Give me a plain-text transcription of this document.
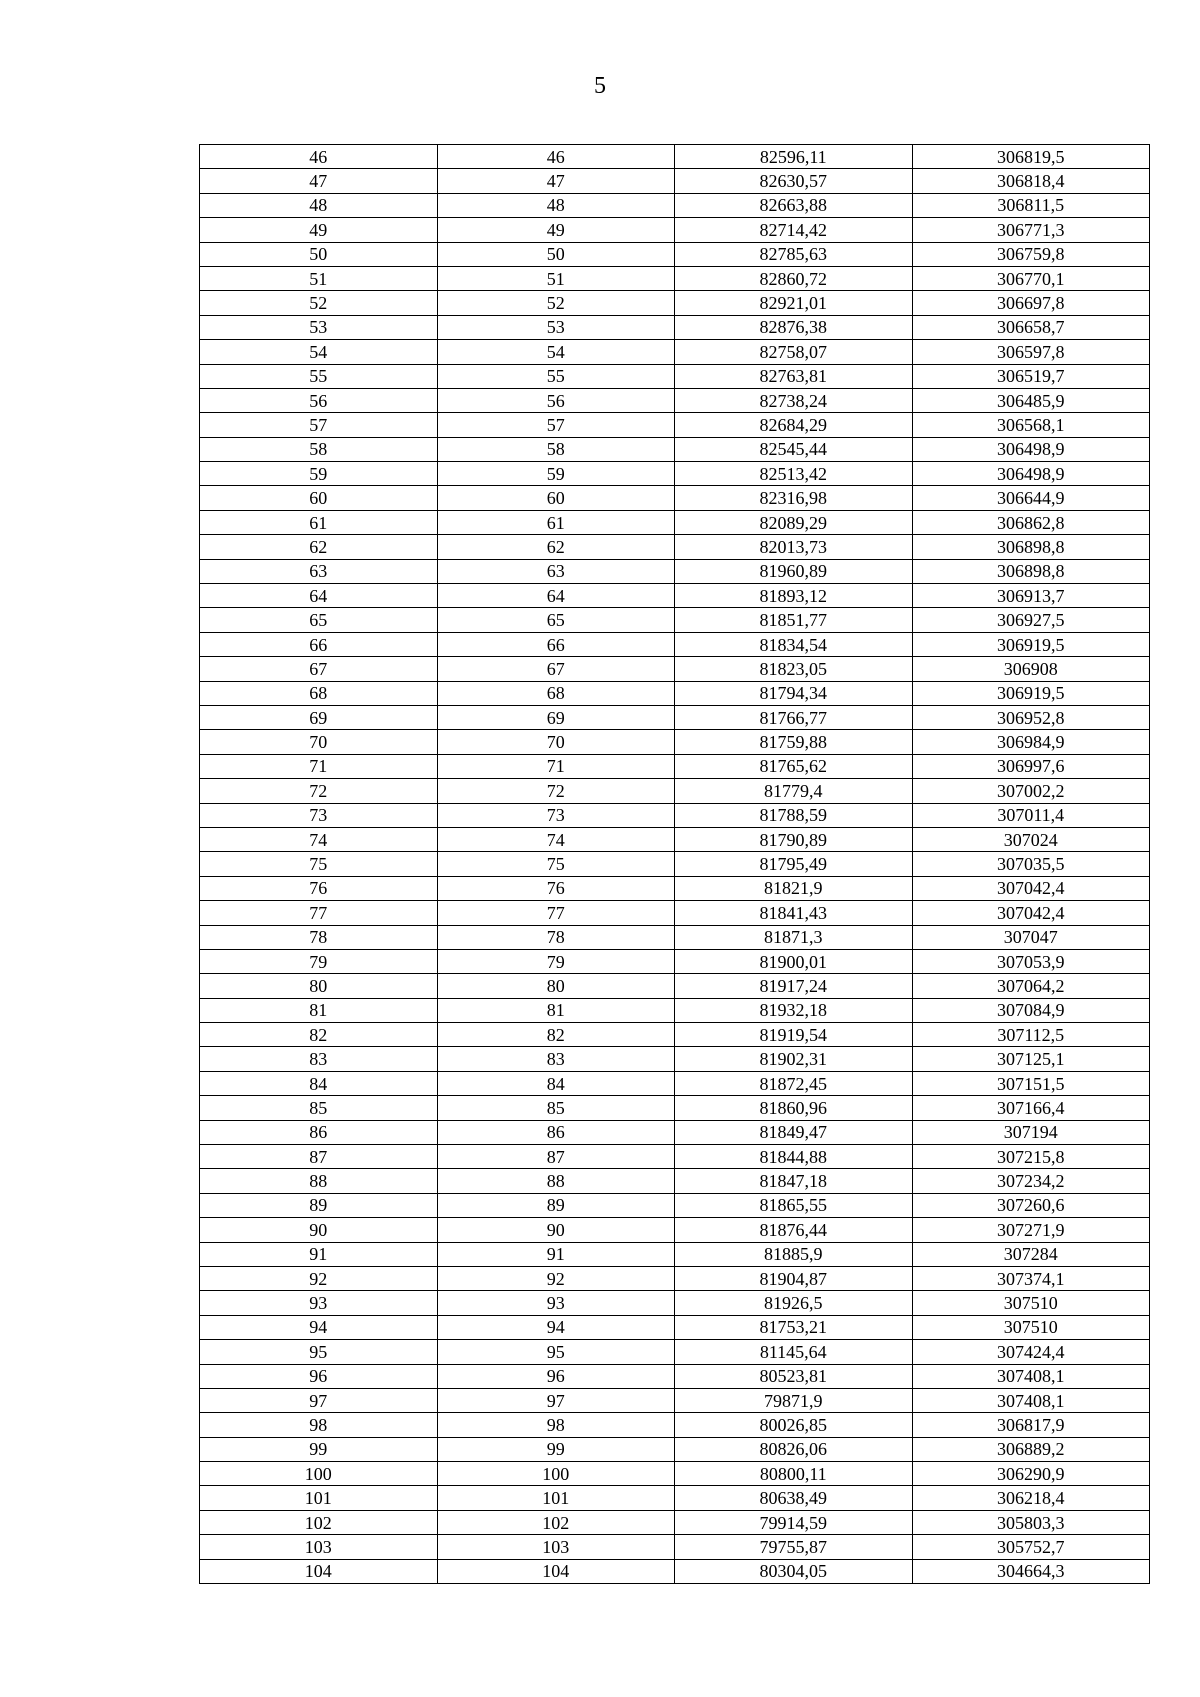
5
46	46	82596,11	306819,5
47	47	82630,57	306818,4
48	48	82663,88	306811,5
49	49	82714,42	306771,3
50	50	82785,63	306759,8
51	51	82860,72	306770,1
52	52	82921,01	306697,8
53	53	82876,38	306658,7
54	54	82758,07	306597,8
55	55	82763,81	306519,7
56	56	82738,24	306485,9
57	57	82684,29	306568,1
58	58	82545,44	306498,9
59	59	82513,42	306498,9
60	60	82316,98	306644,9
61	61	82089,29	306862,8
62	62	82013,73	306898,8
63	63	81960,89	306898,8
64	64	81893,12	306913,7
65	65	81851,77	306927,5
66	66	81834,54	306919,5
67	67	81823,05	306908
68	68	81794,34	306919,5
69	69	81766,77	306952,8
70	70	81759,88	306984,9
71	71	81765,62	306997,6
72	72	81779,4	307002,2
73	73	81788,59	307011,4
74	74	81790,89	307024
75	75	81795,49	307035,5
76	76	81821,9	307042,4
77	77	81841,43	307042,4
78	78	81871,3	307047
79	79	81900,01	307053,9
80	80	81917,24	307064,2
81	81	81932,18	307084,9
82	82	81919,54	307112,5
83	83	81902,31	307125,1
84	84	81872,45	307151,5
85	85	81860,96	307166,4
86	86	81849,47	307194
87	87	81844,88	307215,8
88	88	81847,18	307234,2
89	89	81865,55	307260,6
90	90	81876,44	307271,9
91	91	81885,9	307284
92	92	81904,87	307374,1
93	93	81926,5	307510
94	94	81753,21	307510
95	95	81145,64	307424,4
96	96	80523,81	307408,1
97	97	79871,9	307408,1
98	98	80026,85	306817,9
99	99	80826,06	306889,2
100	100	80800,11	306290,9
101	101	80638,49	306218,4
102	102	79914,59	305803,3
103	103	79755,87	305752,7
104	104	80304,05	304664,3
